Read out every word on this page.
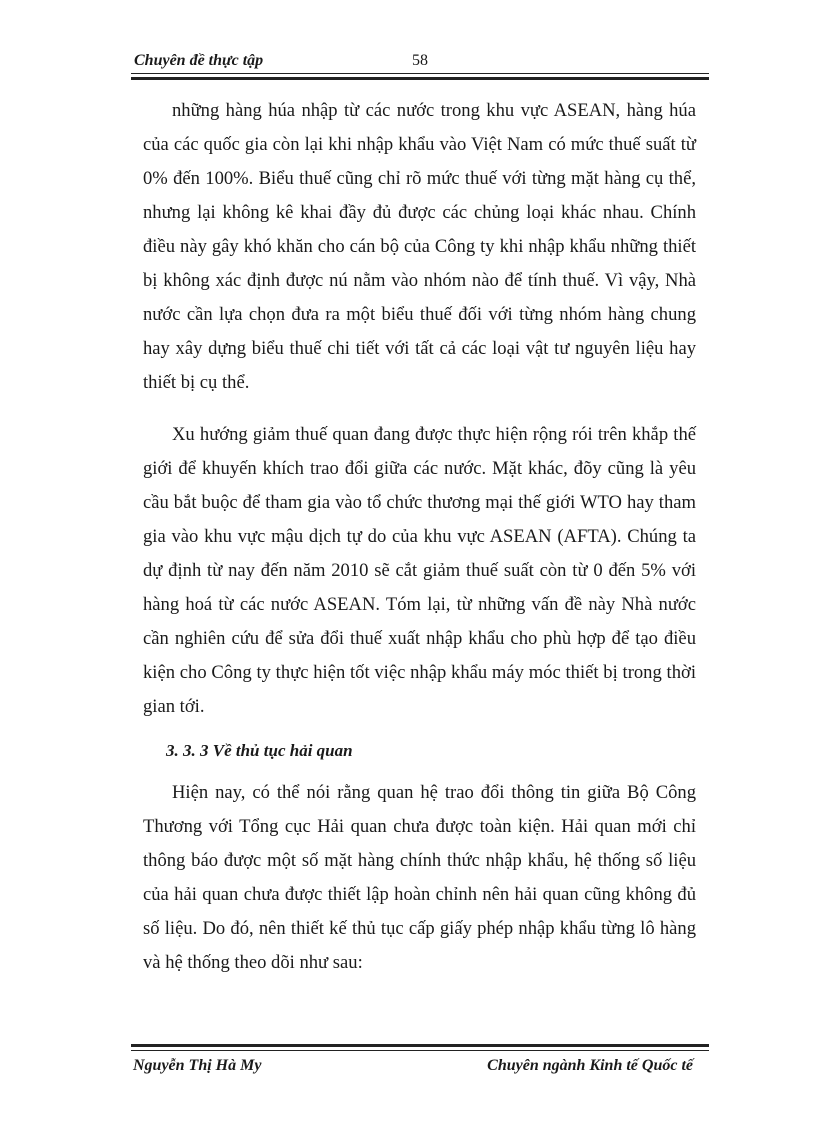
Chuyên đề thực tập	58

những hàng húa nhập từ các nước trong khu vực ASEAN, hàng húa của các quốc gia còn lại khi nhập khẩu vào Việt Nam có mức thuế suất từ 0% đến 100%. Biểu thuế cũng chỉ rõ mức thuế với từng mặt hàng cụ thể, nhưng lại không kê khai đầy đủ được các chủng loại khác nhau. Chính điều này gây khó khăn cho cán bộ của Công ty khi nhập khẩu những thiết bị không xác định được nú nằm vào nhóm nào để tính thuế. Vì vậy, Nhà nước cần lựa chọn đưa ra một biểu thuế đối với từng nhóm hàng chung hay xây dựng biểu thuế chi tiết với tất cả các loại vật tư nguyên liệu hay thiết bị cụ thể.

Xu hướng giảm thuế quan đang được thực hiện rộng rói trên khắp thế giới để khuyến khích trao đổi giữa các nước. Mặt khác, đõy cũng là yêu cầu bắt buộc để tham gia vào tổ chức thương mại thế giới WTO hay tham gia vào khu vực mậu dịch tự do của khu vực ASEAN (AFTA). Chúng ta dự định từ nay đến năm 2010 sẽ cắt giảm thuế suất còn từ 0 đến 5% với hàng hoá từ các nước ASEAN. Tóm lại, từ những vấn đề này Nhà nước cần nghiên cứu để sửa đổi thuế xuất nhập khẩu cho phù hợp để tạo điều kiện cho Công ty thực hiện tốt việc nhập khẩu máy móc thiết bị trong thời gian tới.

3. 3. 3 Về thủ tục hải quan

Hiện nay, có thể nói rằng quan hệ trao đổi thông tin giữa Bộ Công Thương với Tổng cục Hải quan chưa được toàn kiện. Hải quan mới chỉ thông báo được một số mặt hàng chính thức nhập khẩu, hệ thống số liệu của hải quan chưa được thiết lập hoàn chỉnh nên hải quan cũng không đủ số liệu. Do đó, nên thiết kế thủ tục cấp giấy phép nhập khẩu từng lô hàng và hệ thống theo dõi như sau:

Nguyễn Thị Hà My	Chuyên ngành Kinh tế Quốc tế
